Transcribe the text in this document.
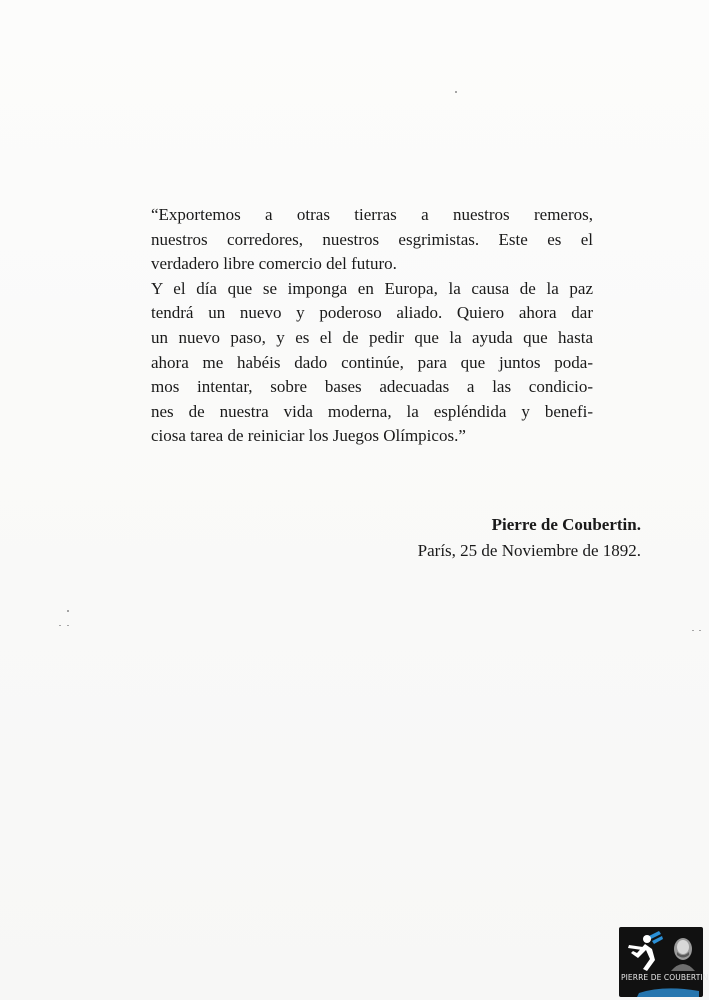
“Exportemos a otras tierras a nuestros remeros,
nuestros corredores, nuestros esgrimistas. Este es el
verdadero libre comercio del futuro.
Y el día que se imponga en Europa, la causa de la paz
tendrá un nuevo y poderoso aliado. Quiero ahora dar
un nuevo paso, y es el de pedir que la ayuda que hasta
ahora me habéis dado continúe, para que juntos poda-
mos intentar, sobre bases adecuadas a las condicio-
nes de nuestra vida moderna, la espléndida y benefi-
ciosa tarea de reiniciar los Juegos Olímpicos.”
Pierre de Coubertin.
París, 25 de Noviembre de 1892.
PIERRE DE COUBERTIN
